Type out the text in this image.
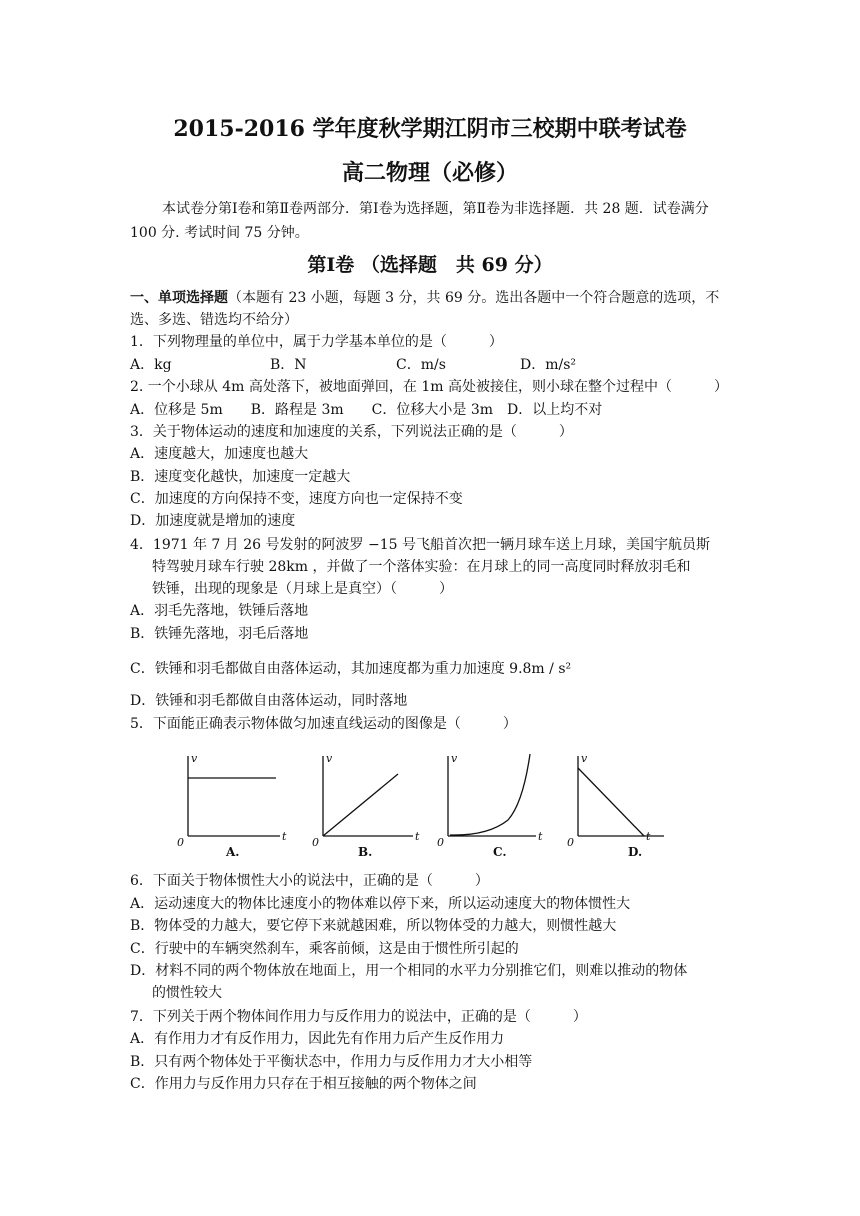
2015-2016 学年度秋学期江阴市三校期中联考试卷
高二物理（必修）
本试卷分第Ⅰ卷和第Ⅱ卷两部分．第Ⅰ卷为选择题，第Ⅱ卷为非选择题．共 28 题．试卷满分 100 分. 考试时间 75 分钟。
第Ⅰ卷 （选择题　共 69 分）
一、单项选择题（本题有 23 小题，每题 3 分，共 69 分。选出各题中一个符合题意的选项，不选、多选、错选均不给分）
1．下列物理量的单位中，属于力学基本单位的是（　　　）
A．kg	B．N	C．m/s	D．m/s²
2. 一个小球从 4m 高处落下，被地面弹回，在 1m 高处被接住，则小球在整个过程中（　　　）
A．位移是 5m　　B．路程是 3m　　C．位移大小是 3m　D．以上均不对
3．关于物体运动的速度和加速度的关系，下列说法正确的是（　　　）
A．速度越大，加速度也越大
B．速度变化越快，加速度一定越大
C．加速度的方向保持不变，速度方向也一定保持不变
D．加速度就是增加的速度
4．1971 年 7 月 26 号发射的阿波罗 −15 号飞船首次把一辆月球车送上月球，美国宇航员斯
特驾驶月球车行驶 28km ，并做了一个落体实验：在月球上的同一高度同时释放羽毛和
铁锤，出现的现象是（月球上是真空）（　　　）
A．羽毛先落地，铁锤后落地
B．铁锤先落地，羽毛后落地
C．铁锤和羽毛都做自由落体运动，其加速度都为重力加速度 9.8m / s²
D．铁锤和羽毛都做自由落体运动，同时落地
5．下面能正确表示物体做匀加速直线运动的图像是（　　　）
v
t
0
v
t
0
v
t
0
v
t
0
A.	B.	C.	D.
6．下面关于物体惯性大小的说法中，正确的是（　　　）
A．运动速度大的物体比速度小的物体难以停下来，所以运动速度大的物体惯性大
B．物体受的力越大，要它停下来就越困难，所以物体受的力越大，则惯性越大
C．行驶中的车辆突然刹车，乘客前倾，这是由于惯性所引起的
D．材料不同的两个物体放在地面上，用一个相同的水平力分别推它们，则难以推动的物体
的惯性较大
7．下列关于两个物体间作用力与反作用力的说法中，正确的是（　　　）
A．有作用力才有反作用力，因此先有作用力后产生反作用力
B．只有两个物体处于平衡状态中，作用力与反作用力才大小相等
C．作用力与反作用力只存在于相互接触的两个物体之间
